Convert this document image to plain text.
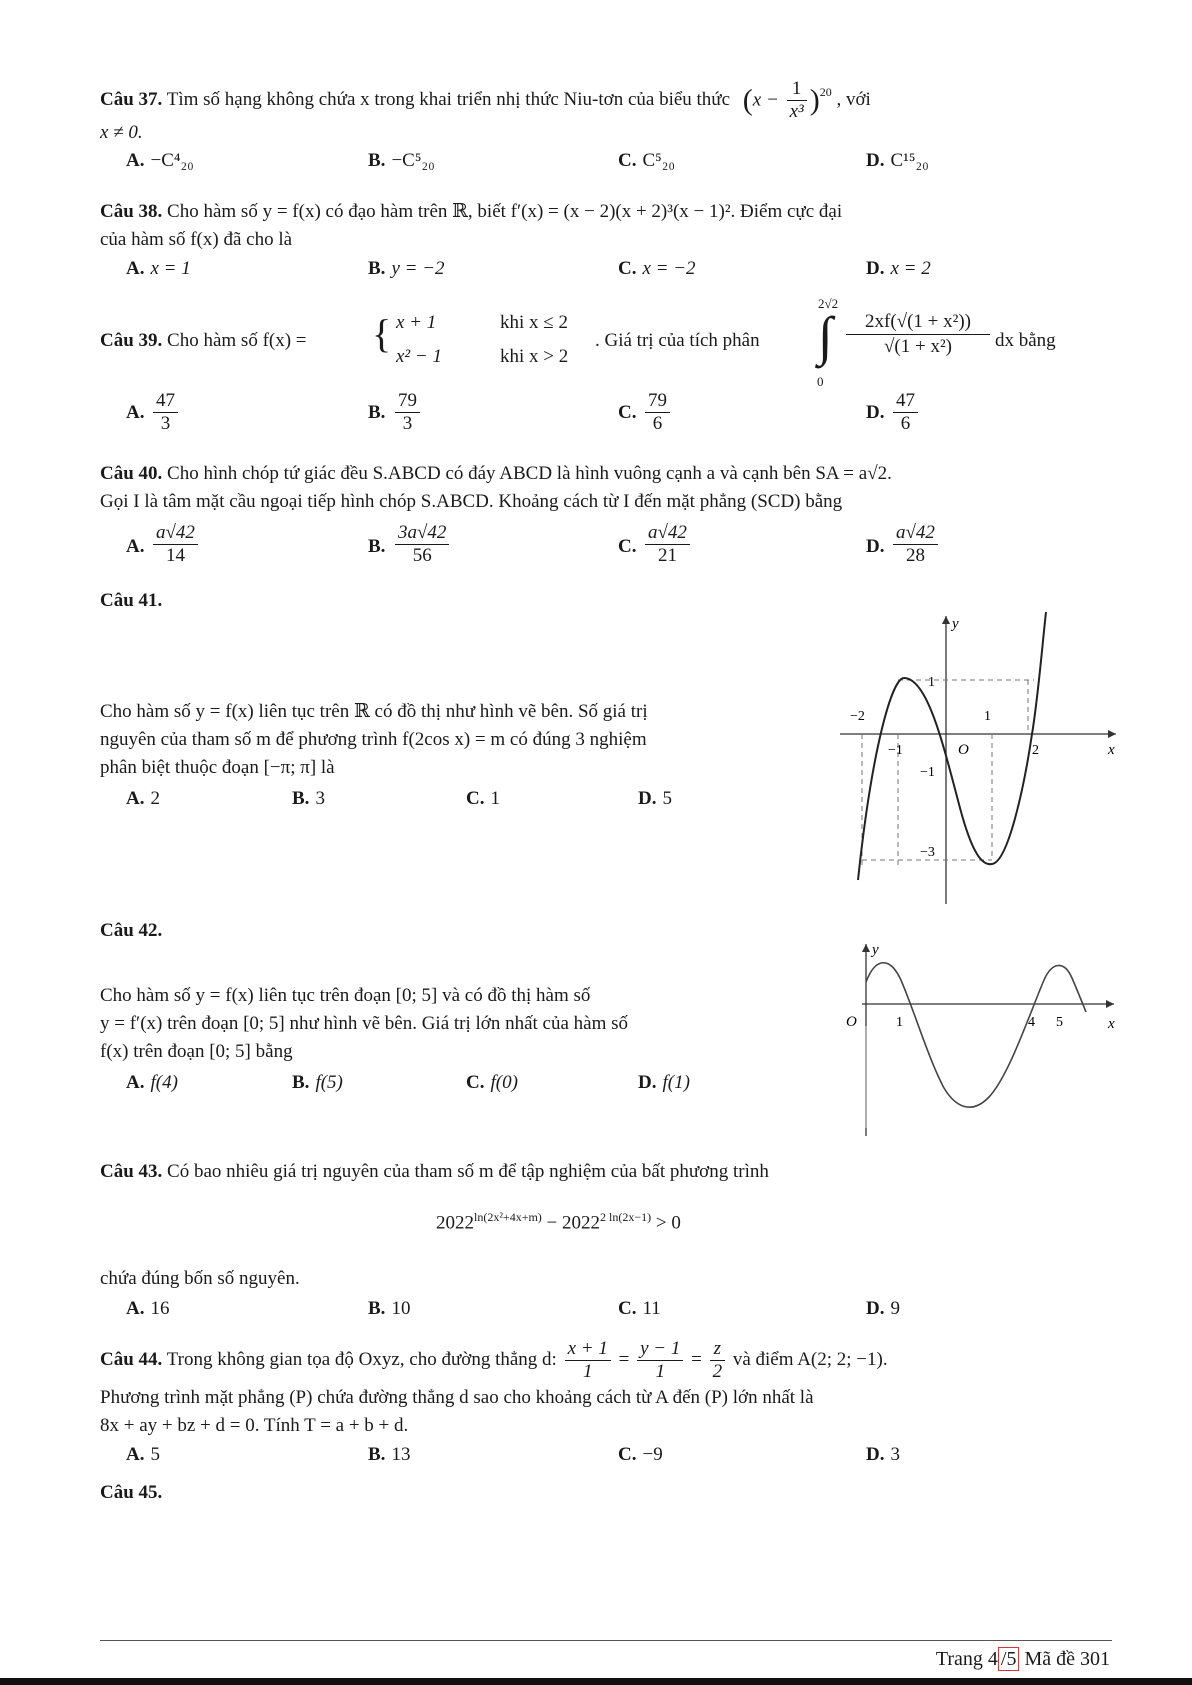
Câu 37. Tìm số hạng không chứa x trong khai triển nhị thức Niu-tơn của biểu thức $(x - \frac{1}{\text{x³}} )^{20}$ , với
x ≠ 0.
A. −C⁴₂₀	B. −C⁵₂₀	C. C⁵₂₀	D. C¹⁵₂₀
Câu 38. Cho hàm số y = f(x) có đạo hàm trên ℝ, biết f′(x) = (x − 2)(x + 2)³(x − 1)². Điểm cực đại
của hàm số f(x) đã cho là
A. x = 1	B. y = −2	C. x = −2	D. x = 2
Câu 39. Cho hàm số f(x) = { x + 1	khi x ≤ 2
x² − 1	khi x > 2
. Giá trị của tích phân ∫
2√2
0
$\frac{\text{2xf(√(1 + x²))}}{\text{√(1 + x²)}}$ dx bằng
A. $\frac{47}{3}$	B. $\frac{79}{3}$	C. $\frac{79}{6}$	D. $\frac{47}{6}$
Câu 40. Cho hình chóp tứ giác đều S.ABCD có đáy ABCD là hình vuông cạnh a và cạnh bên SA = a√2.
Gọi I là tâm mặt cầu ngoại tiếp hình chóp S.ABCD. Khoảng cách từ I đến mặt phẳng (SCD) bằng
A. $\frac{a√42}{14}$	B. $\frac{3a√42}{56}$	C. $\frac{a√42}{21}$	D. $\frac{a√42}{28}$
Câu 41.
Cho hàm số y = f(x) liên tục trên ℝ có đồ thị như hình vẽ bên. Số giá trị
nguyên của tham số m để phương trình f(2cos x) = m có đúng 3 nghiệm
phân biệt thuộc đoạn [−π; π] là
A. 2	B. 3	C. 1	D. 5
y
x
O
1
1
−2
−1	2
−1
−3
Câu 42.
Cho hàm số y = f(x) liên tục trên đoạn [0; 5] và có đồ thị hàm số
y = f′(x) trên đoạn [0; 5] như hình vẽ bên. Giá trị lớn nhất của hàm số
f(x) trên đoạn [0; 5] bằng
A. f(4)	B. f(5)	C. f(0)	D. f(1)
y
x
O	1	4 5
Câu 43. Có bao nhiêu giá trị nguyên của tham số m để tập nghiệm của bất phương trình
$2022^{ln(2x^2+4x+m)} - 2022^{2 ln(2x-1)} > 0$
chứa đúng bốn số nguyên.
A. 16	B. 10	C. 11	D. 9
Câu 44. Trong không gian tọa độ Oxyz, cho đường thẳng d: $\frac{x + 1}{1} = \frac{y - 1}{1} = \frac{z}{2}$ và điểm A(2; 2; −1).
Phương trình mặt phẳng (P) chứa đường thẳng d sao cho khoảng cách từ A đến (P) lớn nhất là
8x + ay + bz + d = 0. Tính T = a + b + d.
A. 5	B. 13	C. −9	D. 3
Câu 45.
Trang 4 /5 Mã đề 301
